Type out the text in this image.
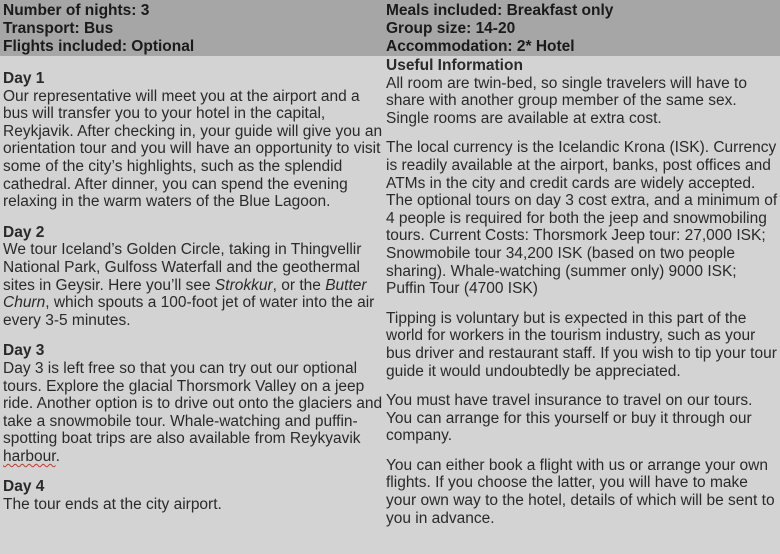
Number of nights: 3
Transport: Bus
Flights included: Optional
Meals included: Breakfast only
Group size: 14-20
Accommodation: 2* Hotel
Day 1
Our representative will meet you at the airport and a bus will transfer you to your hotel in the capital, Reykjavik. After checking in, your guide will give you an orientation tour and you will have an opportunity to visit some of the city’s highlights, such as the splendid cathedral. After dinner, you can spend the evening relaxing in the warm waters of the Blue Lagoon.
Day 2
We tour Iceland’s Golden Circle, taking in Thingvellir National Park, Gulfoss Waterfall and the geothermal sites in Geysir. Here you’ll see Strokkur, or the Butter Churn, which spouts a 100-foot jet of water into the air every 3-5 minutes.
Day 3
Day 3 is left free so that you can try out our optional tours. Explore the glacial Thorsmork Valley on a jeep ride. Another option is to drive out onto the glaciers and take a snowmobile tour. Whale-watching and puffin-spotting boat trips are also available from Reykyavik harbour.
Day 4
The tour ends at the city airport.
Useful Information
All room are twin-bed, so single travelers will have to share with another group member of the same sex. Single rooms are available at extra cost.
The local currency is the Icelandic Krona (ISK). Currency is readily available at the airport, banks, post offices and ATMs in the city and credit cards are widely accepted. The optional tours on day 3 cost extra, and a minimum of 4 people is required for both the jeep and snowmobiling tours. Current Costs: Thorsmork Jeep tour: 27,000 ISK; Snowmobile tour 34,200 ISK (based on two people sharing). Whale-watching (summer only) 9000 ISK; Puffin Tour (4700 ISK)
Tipping is voluntary but is expected in this part of the world for workers in the tourism industry, such as your bus driver and restaurant staff. If you wish to tip your tour guide it would undoubtedly be appreciated.
You must have travel insurance to travel on our tours. You can arrange for this yourself or buy it through our company.
You can either book a flight with us or arrange your own flights. If you choose the latter, you will have to make your own way to the hotel, details of which will be sent to you in advance.
